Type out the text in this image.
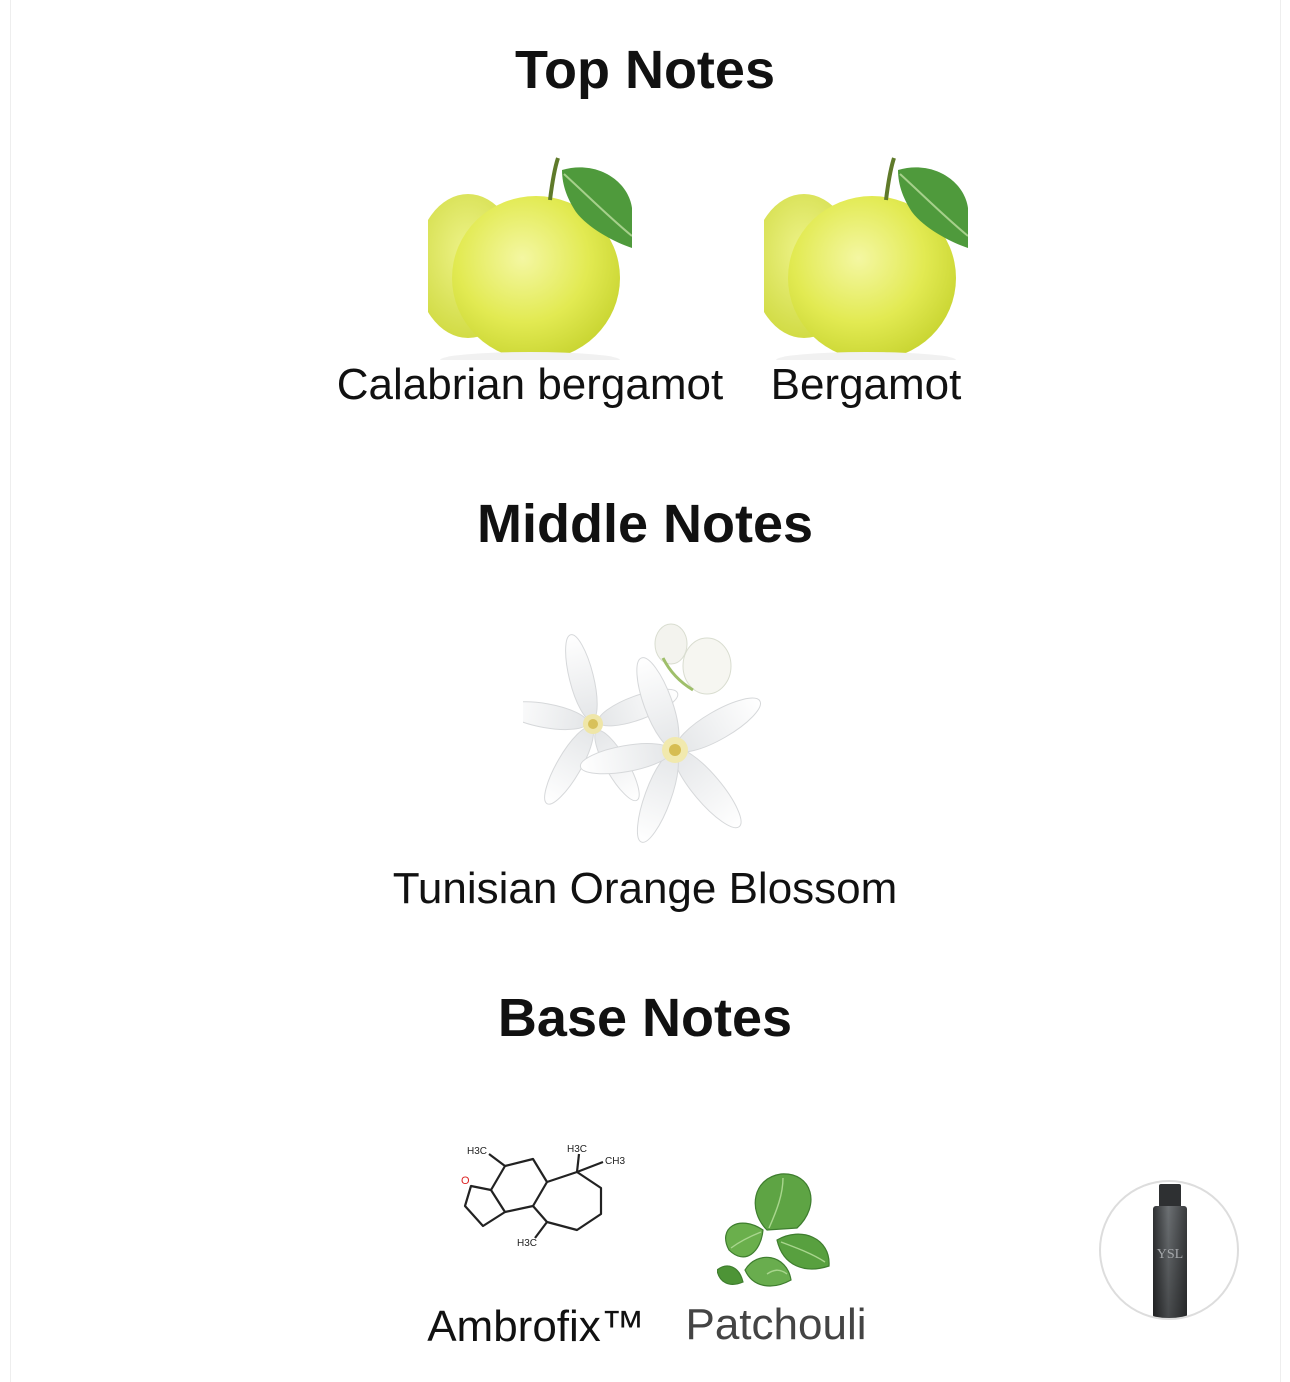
Top Notes
Calabrian bergamot Bergamot
Middle Notes
Tunisian Orange Blossom
Base Notes
O
H3C	H3C
CH3
H3C
Ambrofix™ Patchouli
YSL
